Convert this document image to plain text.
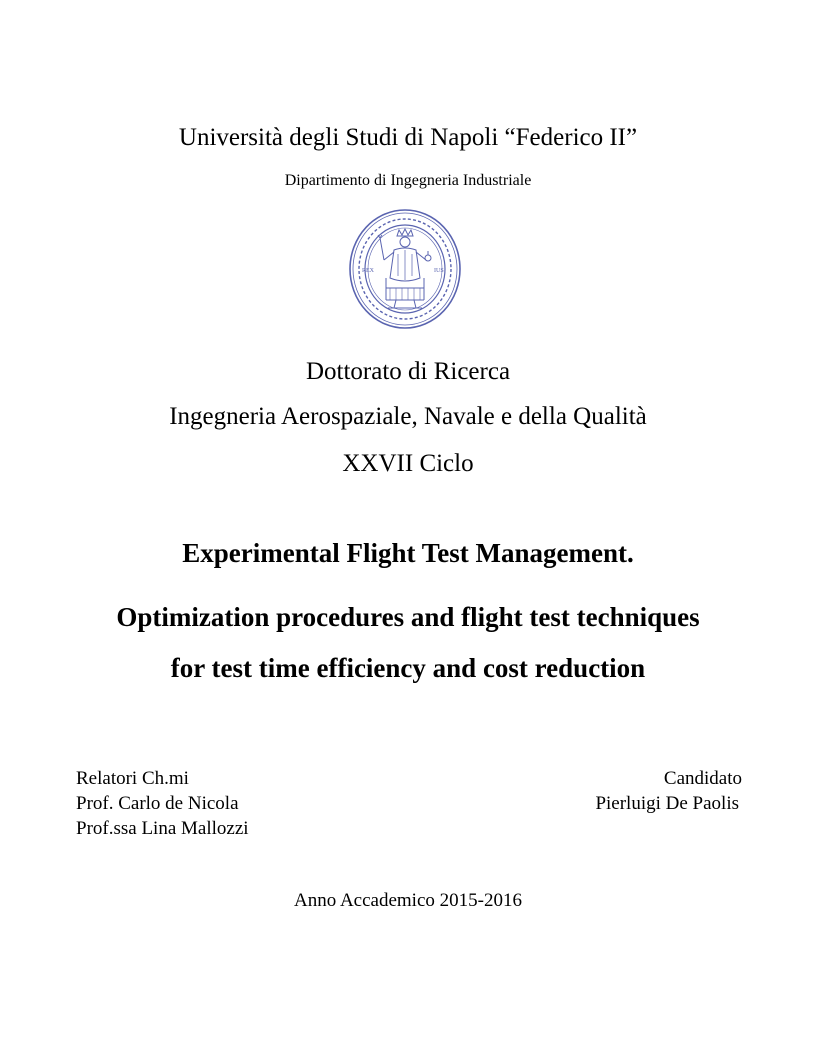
Università degli Studi di Napoli “Federico II”
Dipartimento di Ingegneria Industriale
REX	IUS
Dottorato di Ricerca
Ingegneria Aerospaziale, Navale e della Qualità
XXVII Ciclo
Experimental Flight Test Management.
Optimization procedures and flight test techniques
for test time efficiency and cost reduction
Relatori Ch.mi
Prof. Carlo de Nicola
Prof.ssa Lina Mallozzi
Candidato
Pierluigi De Paolis
Anno Accademico 2015-2016
